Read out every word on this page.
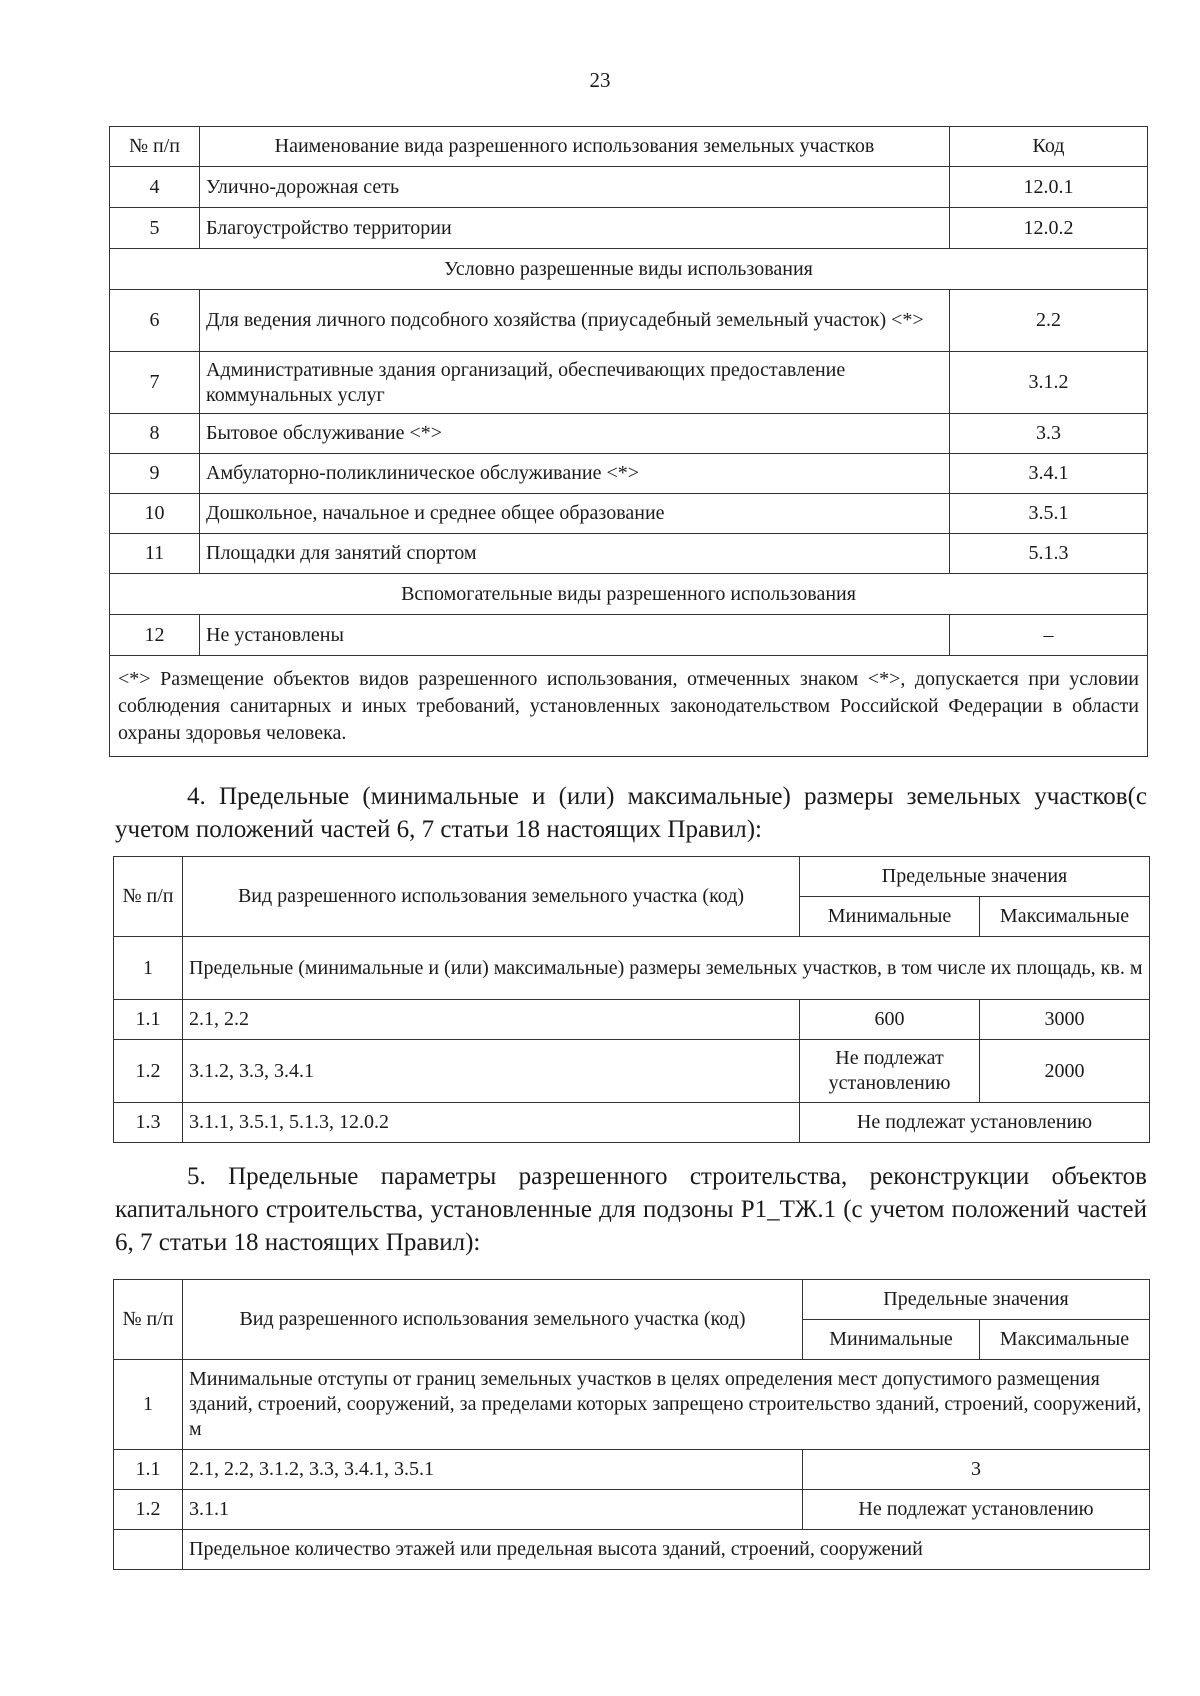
23
№ п/п	Наименование вида разрешенного использования земельных участков	Код
4	Улично-дорожная сеть	12.0.1
5	Благоустройство территории	12.0.2
Условно разрешенные виды использования		
6	Для ведения личного подсобного хозяйства (приусадебный земельный участок) <*>	2.2
7	Административные здания организаций, обеспечивающих предоставление коммунальных услуг	3.1.2
8	Бытовое обслуживание <*>	3.3
9	Амбулаторно-поликлиническое обслуживание <*>	3.4.1
10	Дошкольное, начальное и среднее общее образование	3.5.1
11	Площадки для занятий спортом	5.1.3
Вспомогательные виды разрешенного использования		
12	Не установлены	–
<*> Размещение объектов видов разрешенного использования, отмеченных знаком <*>, допускается при условии соблюдения санитарных и иных требований, установленных законодательством Российской Федерации в области охраны здоровья человека.		
4. Предельные (минимальные и (или) максимальные) размеры земельных участков(с учетом положений частей 6, 7 статьи 18 настоящих Правил):
№ п/п	Вид разрешенного использования земельного участка (код)	Предельные значения	
		Минимальные	Максимальные
1	Предельные (минимальные и (или) максимальные) размеры земельных участков, в том числе их площадь, кв. м		
1.1	2.1, 2.2	600	3000
1.2	3.1.2, 3.3, 3.4.1	Не подлежат установлению	2000
1.3	3.1.1, 3.5.1, 5.1.3, 12.0.2	Не подлежат установлению	
5. Предельные параметры разрешенного строительства, реконструкции объектов капитального строительства, установленные для подзоны Р1_ТЖ.1 (с учетом положений частей 6, 7 статьи 18 настоящих Правил):
№ п/п	Вид разрешенного использования земельного участка (код)	Предельные значения	
		Минимальные	Максимальные
1	Минимальные отступы от границ земельных участков в целях определения мест допустимого размещения зданий, строений, сооружений, за пределами которых запрещено строительство зданий, строений, сооружений, м		
1.1	2.1, 2.2, 3.1.2, 3.3, 3.4.1, 3.5.1	3	
1.2	3.1.1	Не подлежат установлению	
	Предельное количество этажей или предельная высота зданий, строений, сооружений		
